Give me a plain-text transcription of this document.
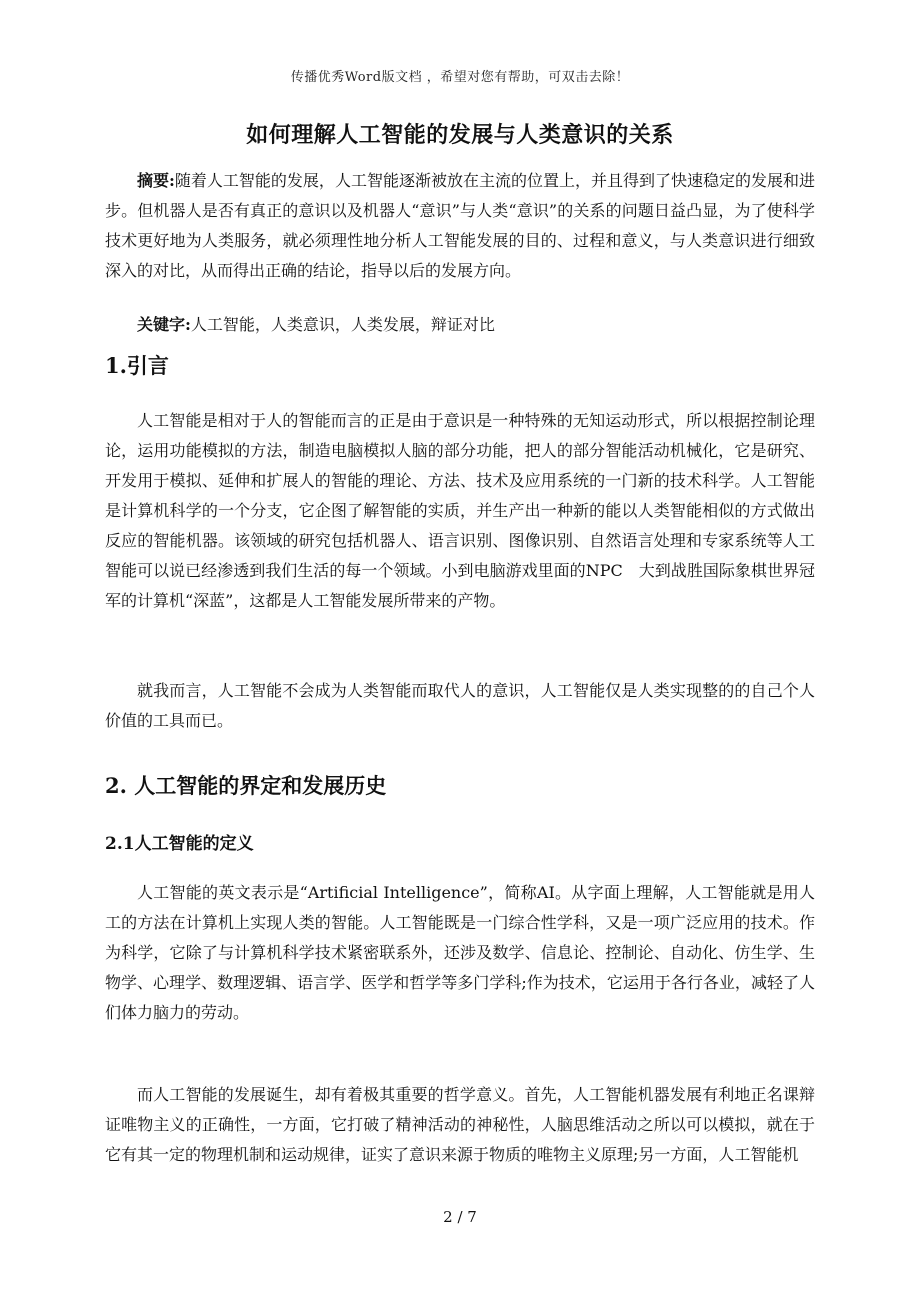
传播优秀Word版文档 ，希望对您有帮助，可双击去除！
如何理解人工智能的发展与人类意识的关系
摘要:随着人工智能的发展，人工智能逐渐被放在主流的位置上，并且得到了快速稳定的发展和进步。但机器人是否有真正的意识以及机器人“意识”与人类“意识”的关系的问题日益凸显，为了使科学技术更好地为人类服务，就必须理性地分析人工智能发展的目的、过程和意义，与人类意识进行细致深入的对比，从而得出正确的结论，指导以后的发展方向。
关键字:人工智能，人类意识，人类发展，辩证对比
1.引言
人工智能是相对于人的智能而言的正是由于意识是一种特殊的无知运动形式，所以根据控制论理论，运用功能模拟的方法，制造电脑模拟人脑的部分功能，把人的部分智能活动机械化，它是研究、开发用于模拟、延伸和扩展人的智能的理论、方法、技术及应用系统的一门新的技术科学。人工智能是计算机科学的一个分支，它企图了解智能的实质，并生产出一种新的能以人类智能相似的方式做出反应的智能机器。该领域的研究包括机器人、语言识别、图像识别、自然语言处理和专家系统等人工智能可以说已经渗透到我们生活的每一个领域。小到电脑游戏里面的NPC　大到战胜国际象棋世界冠军的计算机“深蓝”，这都是人工智能发展所带来的产物。
就我而言，人工智能不会成为人类智能而取代人的意识，人工智能仅是人类实现整的的自己个人价值的工具而已。
2. 人工智能的界定和发展历史
2.1人工智能的定义
人工智能的英文表示是“Artificial Intelligence”，简称AI。从字面上理解，人工智能就是用人工的方法在计算机上实现人类的智能。人工智能既是一门综合性学科，又是一项广泛应用的技术。作为科学，它除了与计算机科学技术紧密联系外，还涉及数学、信息论、控制论、自动化、仿生学、生物学、心理学、数理逻辑、语言学、医学和哲学等多门学科;作为技术，它运用于各行各业，减轻了人们体力脑力的劳动。
而人工智能的发展诞生，却有着极其重要的哲学意义。首先，人工智能机器发展有利地正名课辩证唯物主义的正确性，一方面，它打破了精神活动的神秘性，人脑思维活动之所以可以模拟，就在于它有其一定的物理机制和运动规律，证实了意识来源于物质的唯物主义原理;另一方面，人工智能机
2 / 7
